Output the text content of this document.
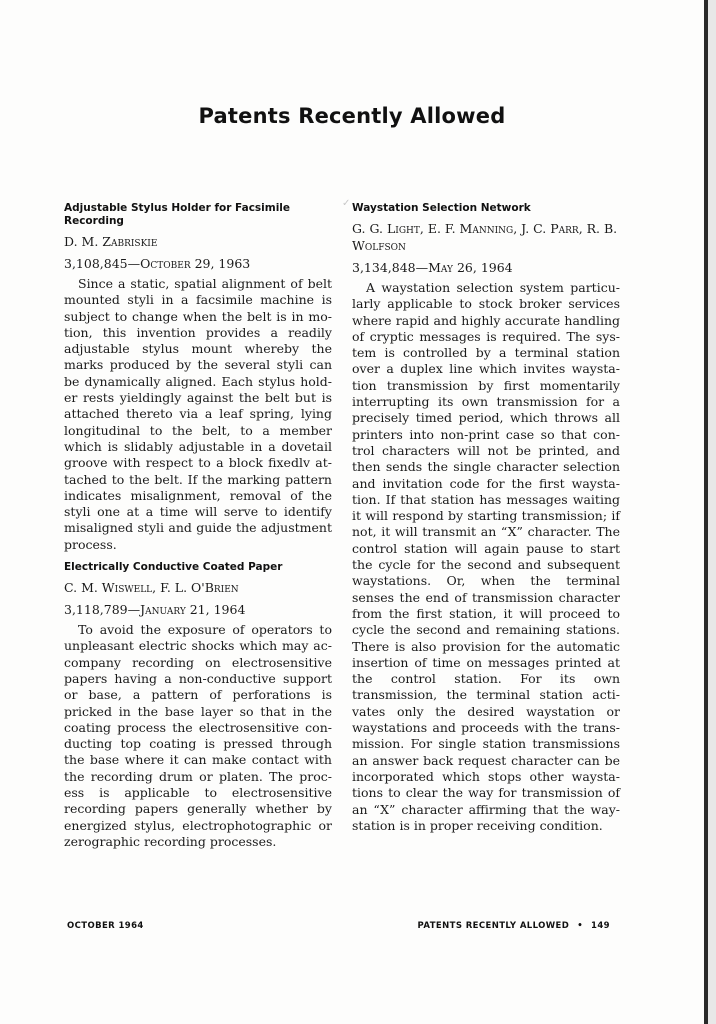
Patents Recently Allowed
✓
Adjustable Stylus Holder for Facsimile Recording
D. M. Zabriskie
3,108,845—October 29, 1963

Since a static, spatial alignment of belt mounted styli in a facsimile machine is subject to change when the belt is in motion, this invention provides a readily adjustable stylus mount whereby the marks produced by the several styli can be dynamically aligned. Each stylus holder rests yieldingly against the belt but is attached thereto via a leaf spring, lying longitudinal to the belt, to a member which is slidably adjustable in a dovetail groove with respect to a block fixedlv attached to the belt. If the marking pattern indicates misalignment, removal of the styli one at a time will serve to identify misaligned styli and guide the adjustment process.

Electrically Conductive Coated Paper
C. M. Wiswell, F. L. O'Brien
3,118,789—January 21, 1964

To avoid the exposure of operators to unpleasant electric shocks which may accompany recording on electrosensitive papers having a non-conductive support or base, a pattern of perforations is pricked in the base layer so that in the coating process the electrosensitive conducting top coating is pressed through the base where it can make contact with the recording drum or platen. The process is applicable to electrosensitive recording papers generally whether by energized stylus, electrophotographic or zerographic recording processes.

Waystation Selection Network
G. G. Light, E. F. Manning, J. C. Parr, R. B. Wolfson
3,134,848—May 26, 1964

A waystation selection system particularly applicable to stock broker services where rapid and highly accurate handling of cryptic messages is required. The system is controlled by a terminal station over a duplex line which invites waystation transmission by first momentarily interrupting its own transmission for a precisely timed period, which throws all printers into non-print case so that control characters will not be printed, and then sends the single character selection and invitation code for the first waystation. If that station has messages waiting it will respond by starting transmission; if not, it will transmit an “X” character. The control station will again pause to start the cycle for the second and subsequent waystations. Or, when the terminal senses the end of transmission character from the first station, it will proceed to cycle the second and remaining stations. There is also provision for the automatic insertion of time on messages printed at the control station. For its own transmission, the terminal station activates only the desired waystation or waystations and proceeds with the transmission. For single station transmissions an answer back request character can be incorporated which stops other waystations to clear the way for transmission of an “X” character affirming that the waystation is in proper receiving condition.

OCTOBER 1964	PATENTS RECENTLY ALLOWED • 149
